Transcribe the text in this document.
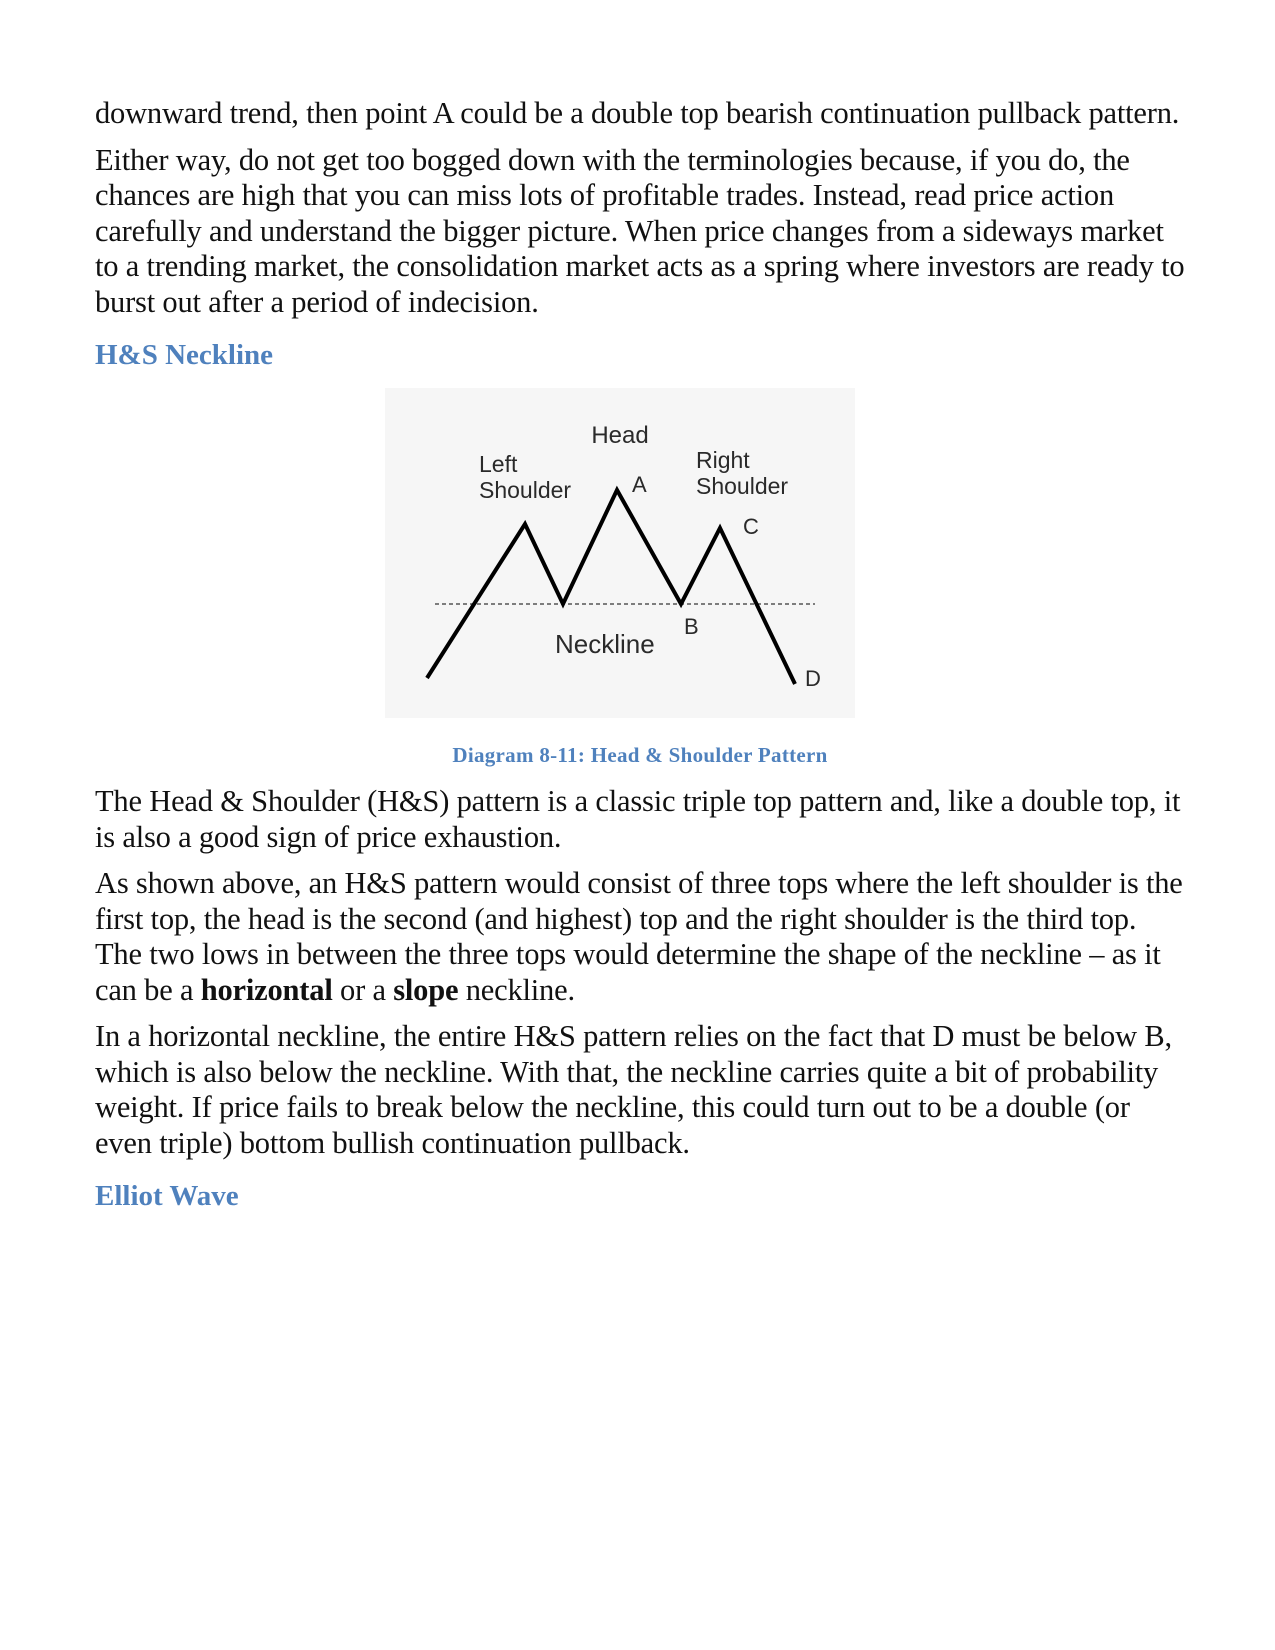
downward trend, then point A could be a double top bearish continuation pullback pattern.

Either way, do not get too bogged down with the terminologies because, if you do, the chances are high that you can miss lots of profitable trades. Instead, read price action carefully and understand the bigger picture. When price changes from a sideways market to a trending market, the consolidation market acts as a spring where investors are ready to burst out after a period of indecision.

H&S Neckline
Head
Left
Shoulder	A
Right
Shoulder
C
B
Neckline
D
Diagram 8-11: Head & Shoulder Pattern

The Head & Shoulder (H&S) pattern is a classic triple top pattern and, like a double top, it is also a good sign of price exhaustion.

As shown above, an H&S pattern would consist of three tops where the left shoulder is the first top, the head is the second (and highest) top and the right shoulder is the third top. The two lows in between the three tops would determine the shape of the neckline – as it can be a horizontal or a slope neckline.

In a horizontal neckline, the entire H&S pattern relies on the fact that D must be below B, which is also below the neckline. With that, the neckline carries quite a bit of probability weight. If price fails to break below the neckline, this could turn out to be a double (or even triple) bottom bullish continuation pullback.

Elliot Wave
